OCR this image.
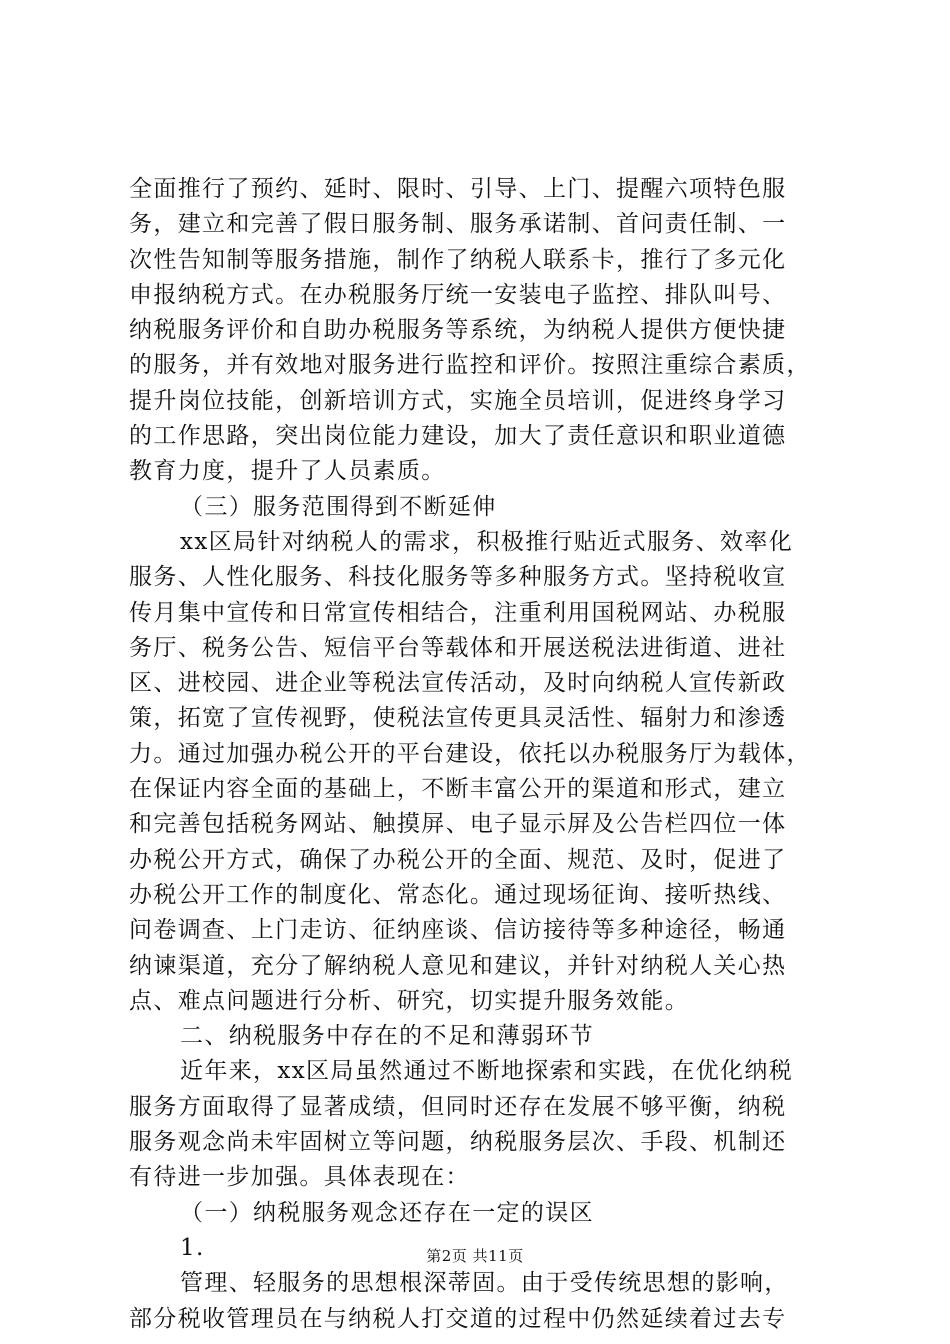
全面推行了预约、延时、限时、引导、上门、提醒六项特色服
务，建立和完善了假日服务制、服务承诺制、首问责任制、一
次性告知制等服务措施，制作了纳税人联系卡，推行了多元化
申报纳税方式。在办税服务厅统一安装电子监控、排队叫号、
纳税服务评价和自助办税服务等系统，为纳税人提供方便快捷
的服务，并有效地对服务进行监控和评价。按照注重综合素质，
提升岗位技能，创新培训方式，实施全员培训，促进终身学习
的工作思路，突出岗位能力建设，加大了责任意识和职业道德
教育力度，提升了人员素质。
（三）服务范围得到不断延伸
xx区局针对纳税人的需求，积极推行贴近式服务、效率化
服务、人性化服务、科技化服务等多种服务方式。坚持税收宣
传月集中宣传和日常宣传相结合，注重利用国税网站、办税服
务厅、税务公告、短信平台等载体和开展送税法进街道、进社
区、进校园、进企业等税法宣传活动，及时向纳税人宣传新政
策，拓宽了宣传视野，使税法宣传更具灵活性、辐射力和渗透
力。通过加强办税公开的平台建设，依托以办税服务厅为载体，
在保证内容全面的基础上，不断丰富公开的渠道和形式，建立
和完善包括税务网站、触摸屏、电子显示屏及公告栏四位一体
办税公开方式，确保了办税公开的全面、规范、及时，促进了
办税公开工作的制度化、常态化。通过现场征询、接听热线、
问卷调查、上门走访、征纳座谈、信访接待等多种途径，畅通
纳谏渠道，充分了解纳税人意见和建议，并针对纳税人关心热
点、难点问题进行分析、研究，切实提升服务效能。
二、纳税服务中存在的不足和薄弱环节
近年来，xx区局虽然通过不断地探索和实践，在优化纳税
服务方面取得了显著成绩，但同时还存在发展不够平衡，纳税
服务观念尚未牢固树立等问题，纳税服务层次、手段、机制还
有待进一步加强。具体表现在：
（一）纳税服务观念还存在一定的误区
1.
管理、轻服务的思想根深蒂固。由于受传统思想的影响，
部分税收管理员在与纳税人打交道的过程中仍然延续着过去专
第2页 共11页
